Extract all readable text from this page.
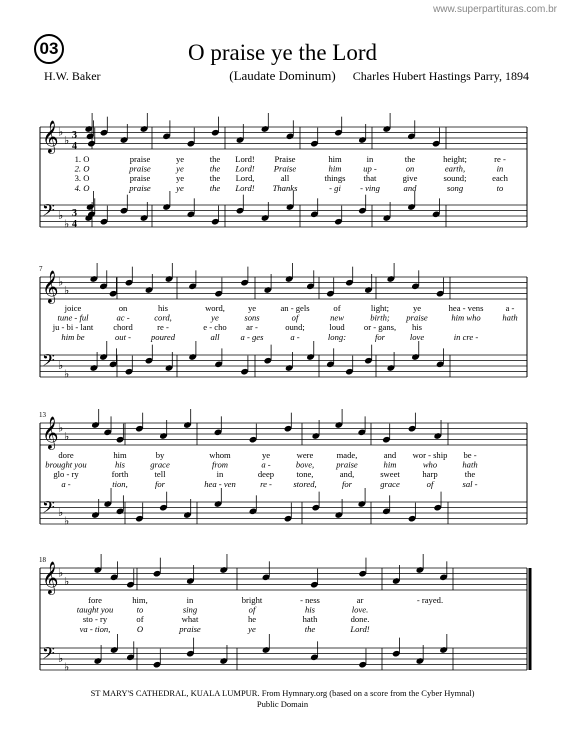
www.superpartituras.com.br
03	O praise ye the Lord
(Laudate Dominum)
H.W. Baker	Charles Hubert Hastings Parry, 1894
𝄞 ♭
♭ 3
4
𝄢 ♭
♭
3
4
1. O	praise	ye	the Lord! Praise	him	in	the	height;	re -
2. O	praise	ye	the Lord! Praise	him	up -	on	earth,	in
3. O	praise	ye	the Lord,	all	things that	give	sound;	each
4. O	praise	ye	the Lord! Thanks	- gi - ving	and	song	to
𝄞 ♭
♭
𝄢 ♭
♭
7
joice	on	his	word,	ye	an - gels	of	light;	ye	hea - vens	a -
tune - ful	ac -	cord,	ye	sons	of	new	birth; praise	him who	hath
ju - bi - lant chord	re -	e - cho ar -	ound;	loud or - gans, his
him be	out - poured	all a - ges	a -	long:	for	love	in cre -
𝄞 ♭
♭
𝄢 ♭
♭
13
dore	him	by	whom	ye	were	made,	and wor - ship be -
brought you	his	grace	from	a -	bove,	praise	him	who	hath
glo - ry	forth	tell	in	deep	tone,	and,	sweet	harp	the
a -	tion,	for	hea - ven	re - stored,	for	grace	of	sal -
𝄞 ♭
♭
𝄢 ♭
♭
18
fore	him,	in	bright	- ness	ar	- rayed.
taught you	to	sing	of	his	love.
sto - ry	of	what	he	hath	done.
va - tion,	O	praise	ye	the	Lord!
ST MARY'S CATHEDRAL, KUALA LUMPUR. From Hymnary.org (based on a score from the Cyber Hymnal)
Public Domain
